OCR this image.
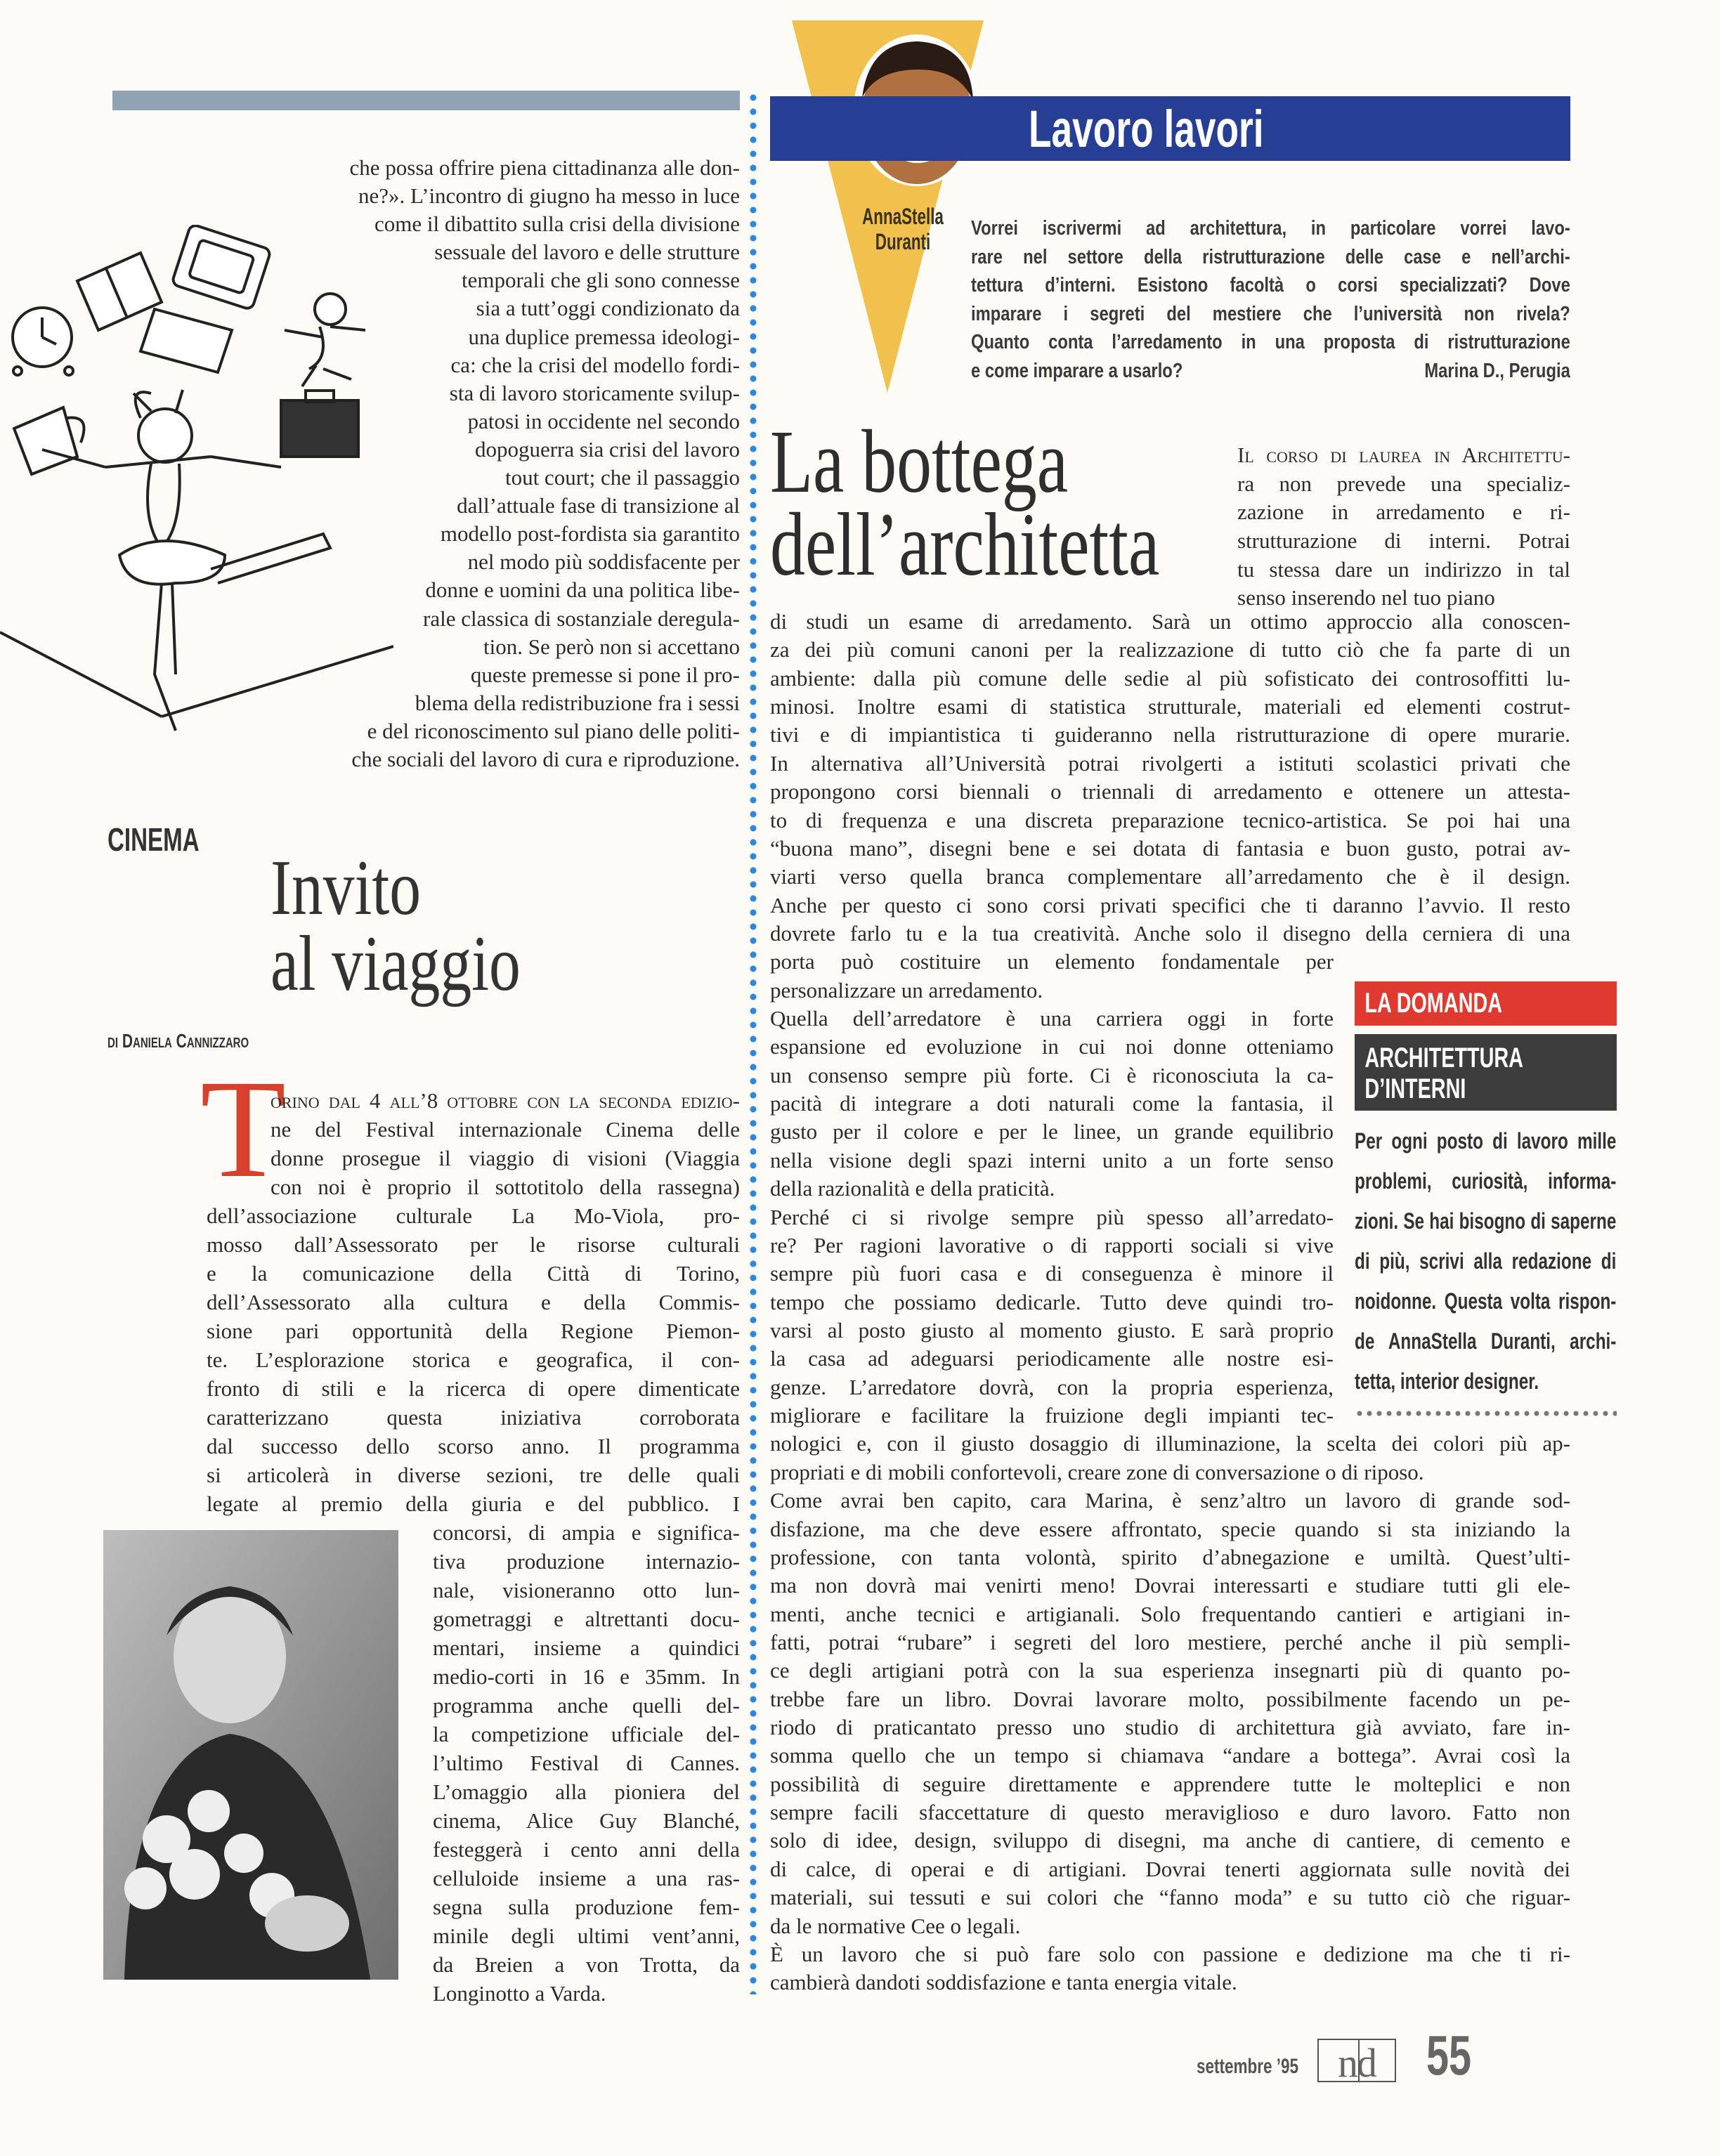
che possa offrire piena cittadinanza alle don-
ne?». L’incontro di giugno ha messo in luce
come il dibattito sulla crisi della divisione
sessuale del lavoro e delle strutture
temporali che gli sono connesse
sia a tutt’oggi condizionato da
una duplice premessa ideologi-
ca: che la crisi del modello fordi-
sta di lavoro storicamente svilup-
patosi in occidente nel secondo
dopoguerra sia crisi del lavoro
tout court; che il passaggio
dall’attuale fase di transizione al
modello post-fordista sia garantito
nel modo più soddisfacente per
donne e uomini da una politica libe-
rale classica di sostanziale deregula-
tion. Se però non si accettano
queste premesse si pone il pro-
blema della redistribuzione fra i sessi
e del riconoscimento sul piano delle politi-
che sociali del lavoro di cura e riproduzione.
CINEMA
Invito
al viaggio
di Daniela Cannizzaro
T
orino dal 4 all’8 ottobre con la seconda edizio-
ne del Festival internazionale Cinema delle
donne prosegue il viaggio di visioni (Viaggia
con noi è proprio il sottotitolo della rassegna)
dell’associazione culturale La Mo-Viola, pro-
mosso dall’Assessorato per le risorse culturali
e la comunicazione della Città di Torino,
dell’Assessorato alla cultura e della Commis-
sione pari opportunità della Regione Piemon-
te. L’esplorazione storica e geografica, il con-
fronto di stili e la ricerca di opere dimenticate
caratterizzano questa iniziativa corroborata
dal successo dello scorso anno. Il programma
si articolerà in diverse sezioni, tre delle quali
legate al premio della giuria e del pubblico. I
concorsi, di ampia e significa-
tiva produzione internazio-
nale, visioneranno otto lun-
gometraggi e altrettanti docu-
mentari, insieme a quindici
medio-corti in 16 e 35mm. In
programma anche quelli del-
la competizione ufficiale del-
l’ultimo Festival di Cannes.
L’omaggio alla pioniera del
cinema, Alice Guy Blanché,
festeggerà i cento anni della
celluloide insieme a una ras-
segna sulla produzione fem-
minile degli ultimi vent’anni,
da Breien a von Trotta, da
Longinotto a Varda.
Lavoro lavori
AnnaStella
Duranti
Vorrei iscrivermi ad architettura, in particolare vorrei lavo-
rare nel settore della ristrutturazione delle case e nell’archi-
tettura d’interni. Esistono facoltà o corsi specializzati? Dove
imparare i segreti del mestiere che l’università non rivela?
Quanto conta l’arredamento in una proposta di ristrutturazione
e come imparare a usarlo?	Marina D., Perugia
La bottega
dell’architetta
Il corso di laurea in Architettu-
ra non prevede una specializ-
zazione in arredamento e ri-
strutturazione di interni. Potrai
tu stessa dare un indirizzo in tal
senso inserendo nel tuo piano
di studi un esame di arredamento. Sarà un ottimo approccio alla conoscen-
za dei più comuni canoni per la realizzazione di tutto ciò che fa parte di un
ambiente: dalla più comune delle sedie al più sofisticato dei controsoffitti lu-
minosi. Inoltre esami di statistica strutturale, materiali ed elementi costrut-
tivi e di impiantistica ti guideranno nella ristrutturazione di opere murarie.
In alternativa all’Università potrai rivolgerti a istituti scolastici privati che
propongono corsi biennali o triennali di arredamento e ottenere un attesta-
to di frequenza e una discreta preparazione tecnico-artistica. Se poi hai una
“buona mano”, disegni bene e sei dotata di fantasia e buon gusto, potrai av-
viarti verso quella branca complementare all’arredamento che è il design.
Anche per questo ci sono corsi privati specifici che ti daranno l’avvio. Il resto
dovrete farlo tu e la tua creatività. Anche solo il disegno della cerniera di una
porta può costituire un elemento fondamentale per
personalizzare un arredamento.
Quella dell’arredatore è una carriera oggi in forte
espansione ed evoluzione in cui noi donne otteniamo
un consenso sempre più forte. Ci è riconosciuta la ca-
pacità di integrare a doti naturali come la fantasia, il
gusto per il colore e per le linee, un grande equilibrio
nella visione degli spazi interni unito a un forte senso
della razionalità e della praticità.
Perché ci si rivolge sempre più spesso all’arredato-
re? Per ragioni lavorative o di rapporti sociali si vive
sempre più fuori casa e di conseguenza è minore il
tempo che possiamo dedicarle. Tutto deve quindi tro-
varsi al posto giusto al momento giusto. E sarà proprio
la casa ad adeguarsi periodicamente alle nostre esi-
genze. L’arredatore dovrà, con la propria esperienza,
migliorare e facilitare la fruizione degli impianti tec-
nologici e, con il giusto dosaggio di illuminazione, la scelta dei colori più ap-
propriati e di mobili confortevoli, creare zone di conversazione o di riposo.
Come avrai ben capito, cara Marina, è senz’altro un lavoro di grande sod-
disfazione, ma che deve essere affrontato, specie quando si sta iniziando la
professione, con tanta volontà, spirito d’abnegazione e umiltà. Quest’ulti-
ma non dovrà mai venirti meno! Dovrai interessarti e studiare tutti gli ele-
menti, anche tecnici e artigianali. Solo frequentando cantieri e artigiani in-
fatti, potrai “rubare” i segreti del loro mestiere, perché anche il più sempli-
ce degli artigiani potrà con la sua esperienza insegnarti più di quanto po-
trebbe fare un libro. Dovrai lavorare molto, possibilmente facendo un pe-
riodo di praticantato presso uno studio di architettura già avviato, fare in-
somma quello che un tempo si chiamava “andare a bottega”. Avrai così la
possibilità di seguire direttamente e apprendere tutte le molteplici e non
sempre facili sfaccettature di questo meraviglioso e duro lavoro. Fatto non
solo di idee, design, sviluppo di disegni, ma anche di cantiere, di cemento e
di calce, di operai e di artigiani. Dovrai tenerti aggiornata sulle novità dei
materiali, sui tessuti e sui colori che “fanno moda” e su tutto ciò che riguar-
da le normative Cee o legali.
È un lavoro che si può fare solo con passione e dedizione ma che ti ri-
cambierà dandoti soddisfazione e tanta energia vitale.
LA DOMANDA
ARCHITETTURA
D’INTERNI
Per ogni posto di lavoro mille
problemi, curiosità, informa-
zioni. Se hai bisogno di saperne
di più, scrivi alla redazione di
noidonne. Questa volta rispon-
de AnnaStella Duranti, archi-
tetta, interior designer.
settembre ’95 nd 55
